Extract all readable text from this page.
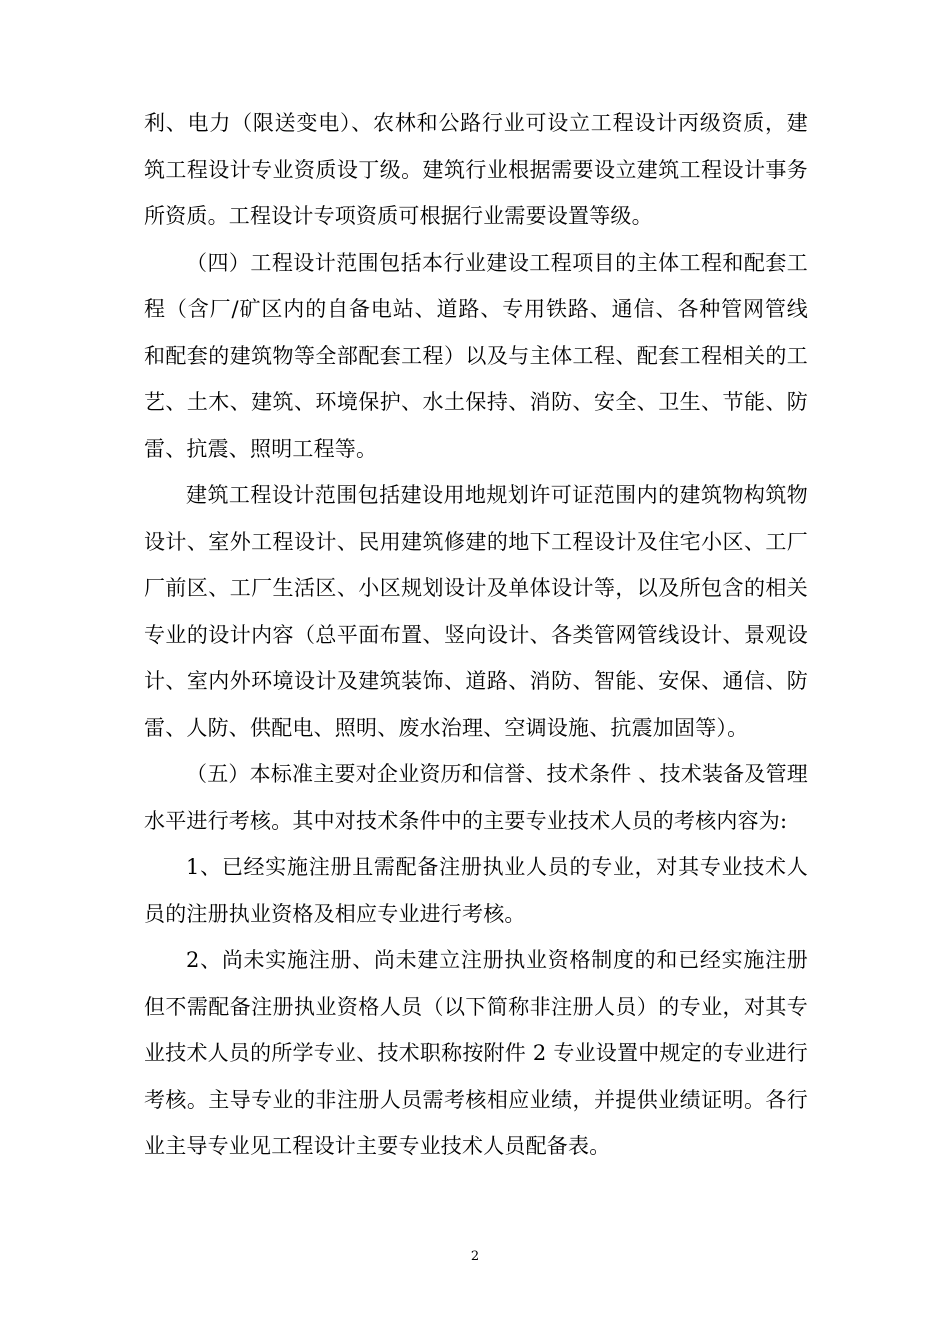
利、电力（限送变电）、农林和公路行业可设立工程设计丙级资质，建筑工程设计专业资质设丁级。建筑行业根据需要设立建筑工程设计事务所资质。工程设计专项资质可根据行业需要设置等级。

（四）工程设计范围包括本行业建设工程项目的主体工程和配套工程（含厂/矿区内的自备电站、道路、专用铁路、通信、各种管网管线和配套的建筑物等全部配套工程）以及与主体工程、配套工程相关的工艺、土木、建筑、环境保护、水土保持、消防、安全、卫生、节能、防雷、抗震、照明工程等。

建筑工程设计范围包括建设用地规划许可证范围内的建筑物构筑物设计、室外工程设计、民用建筑修建的地下工程设计及住宅小区、工厂厂前区、工厂生活区、小区规划设计及单体设计等，以及所包含的相关专业的设计内容（总平面布置、竖向设计、各类管网管线设计、景观设计、室内外环境设计及建筑装饰、道路、消防、智能、安保、通信、防雷、人防、供配电、照明、废水治理、空调设施、抗震加固等）。

（五）本标准主要对企业资历和信誉、技术条件 、技术装备及管理水平进行考核。其中对技术条件中的主要专业技术人员的考核内容为:

1、已经实施注册且需配备注册执业人员的专业，对其专业技术人员的注册执业资格及相应专业进行考核。

2、尚未实施注册、尚未建立注册执业资格制度的和已经实施注册但不需配备注册执业资格人员（以下简称非注册人员）的专业，对其专业技术人员的所学专业、技术职称按附件 2 专业设置中规定的专业进行考核。主导专业的非注册人员需考核相应业绩，并提供业绩证明。各行业主导专业见工程设计主要专业技术人员配备表。

2
